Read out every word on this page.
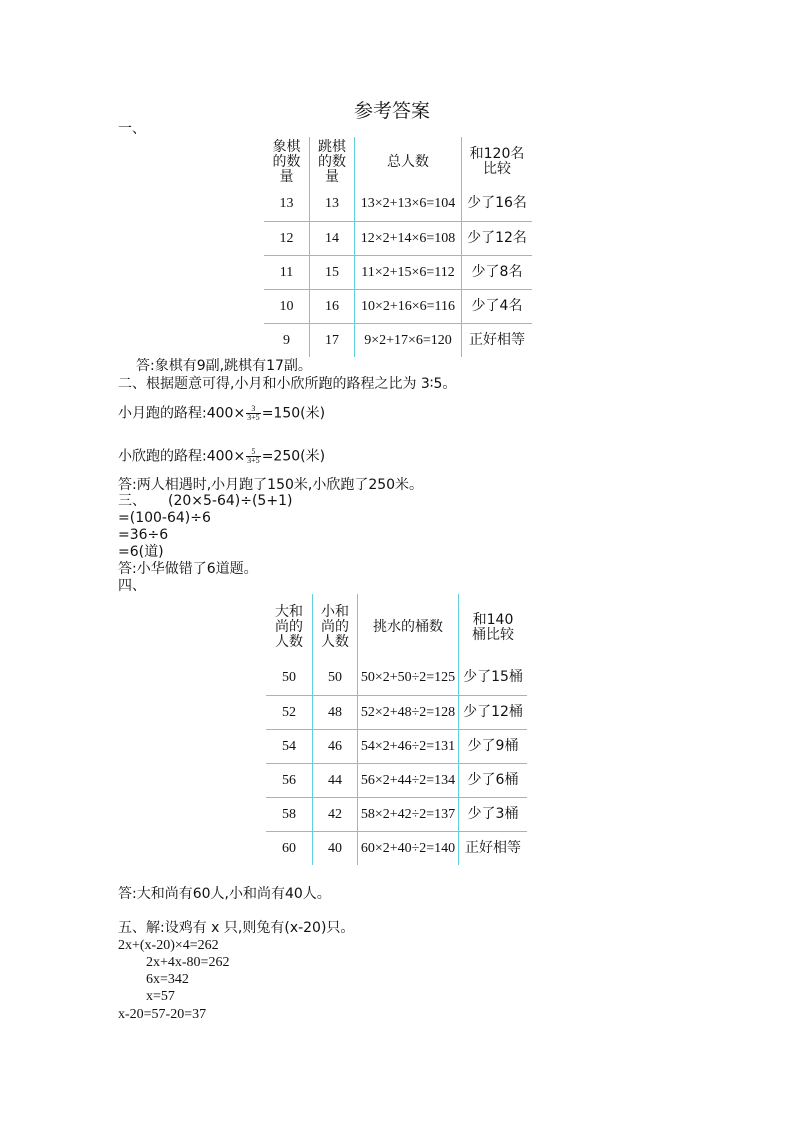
参考答案
一、
象棋的数量	跳棋的数量	总人数	和120名比较

13	13	13×2+13×6=104	少了16名
12	14	12×2+14×6=108	少了12名
11	15	11×2+15×6=112	少了8名
10	16	10×2+16×6=116	少了4名
9	17	9×2+17×6=120	正好相等
答:象棋有9副,跳棋有17副。
二、根据题意可得,小月和小欣所跑的路程之比为 3∶5。
小月跑的路程:400× $\frac{3}{3+5} =150$(米)
小欣跑的路程:400× $\frac{5}{3+5} =250$(米)
答:两人相遇时,小月跑了150米,小欣跑了250米。
三、 (20×5-64)÷(5+1)
=(100-64)÷6
=36÷6
=6(道)
答:小华做错了6道题。
四、
大和尚的人数	小和尚的人数	挑水的桶数	和140桶比较

50	50	50×2+50÷2=125	少了15桶
52	48	52×2+48÷2=128	少了12桶
54	46	54×2+46÷2=131	少了9桶
56	44	56×2+44÷2=134	少了6桶
58	42	58×2+42÷2=137	少了3桶
60	40	60×2+40÷2=140	正好相等
答:大和尚有60人,小和尚有40人。
五、解:设鸡有 x 只,则兔有(x-20)只。
2x+(x-20)×4=262
2x+4x-80=262
6x=342
x=57
x-20=57-20=37
